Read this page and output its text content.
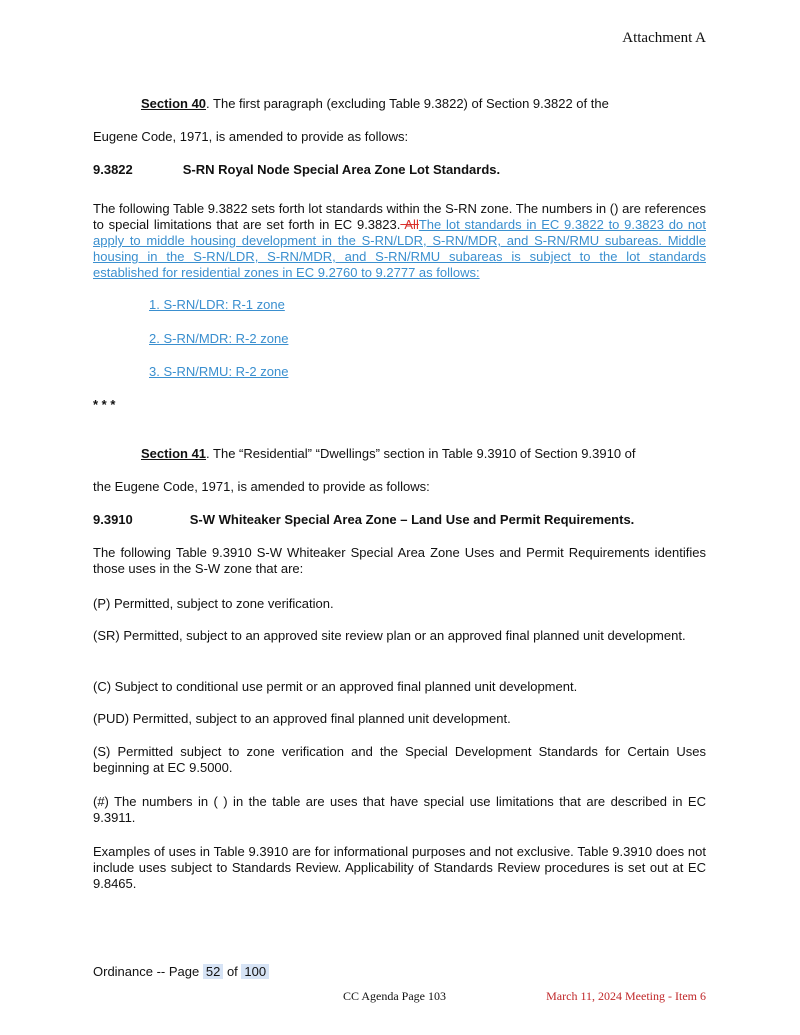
Attachment A
Section 40. The first paragraph (excluding Table 9.3822) of Section 9.3822 of the
Eugene Code, 1971, is amended to provide as follows:
9.3822	S-RN Royal Node Special Area Zone Lot Standards.
The following Table 9.3822 sets forth lot standards within the S-RN zone. The numbers in () are references to special limitations that are set forth in EC 9.3823. AllThe lot standards in EC 9.3822 to 9.3823 do not apply to middle housing development in the S-RN/LDR, S-RN/MDR, and S-RN/RMU subareas. Middle housing in the S-RN/LDR, S-RN/MDR, and S-RN/RMU subareas is subject to the lot standards established for residential zones in EC 9.2760 to 9.2777 as follows:
1. S-RN/LDR: R-1 zone
2. S-RN/MDR: R-2 zone
3. S-RN/RMU: R-2 zone
* * *
Section 41. The “Residential” “Dwellings” section in Table 9.3910 of Section 9.3910 of
the Eugene Code, 1971, is amended to provide as follows:
9.3910	S-W Whiteaker Special Area Zone – Land Use and Permit Requirements.
The following Table 9.3910 S-W Whiteaker Special Area Zone Uses and Permit Requirements identifies those uses in the S-W zone that are:
(P) Permitted, subject to zone verification.
(SR) Permitted, subject to an approved site review plan or an approved final planned unit development.
(C) Subject to conditional use permit or an approved final planned unit development.
(PUD) Permitted, subject to an approved final planned unit development.
(S) Permitted subject to zone verification and the Special Development Standards for Certain Uses beginning at EC 9.5000.
(#) The numbers in ( ) in the table are uses that have special use limitations that are described in EC 9.3911.
Examples of uses in Table 9.3910 are for informational purposes and not exclusive. Table 9.3910 does not include uses subject to Standards Review. Applicability of Standards Review procedures is set out at EC 9.8465.
Ordinance -- Page 52 of 100
CC Agenda Page 103	March 11, 2024 Meeting - Item 6
